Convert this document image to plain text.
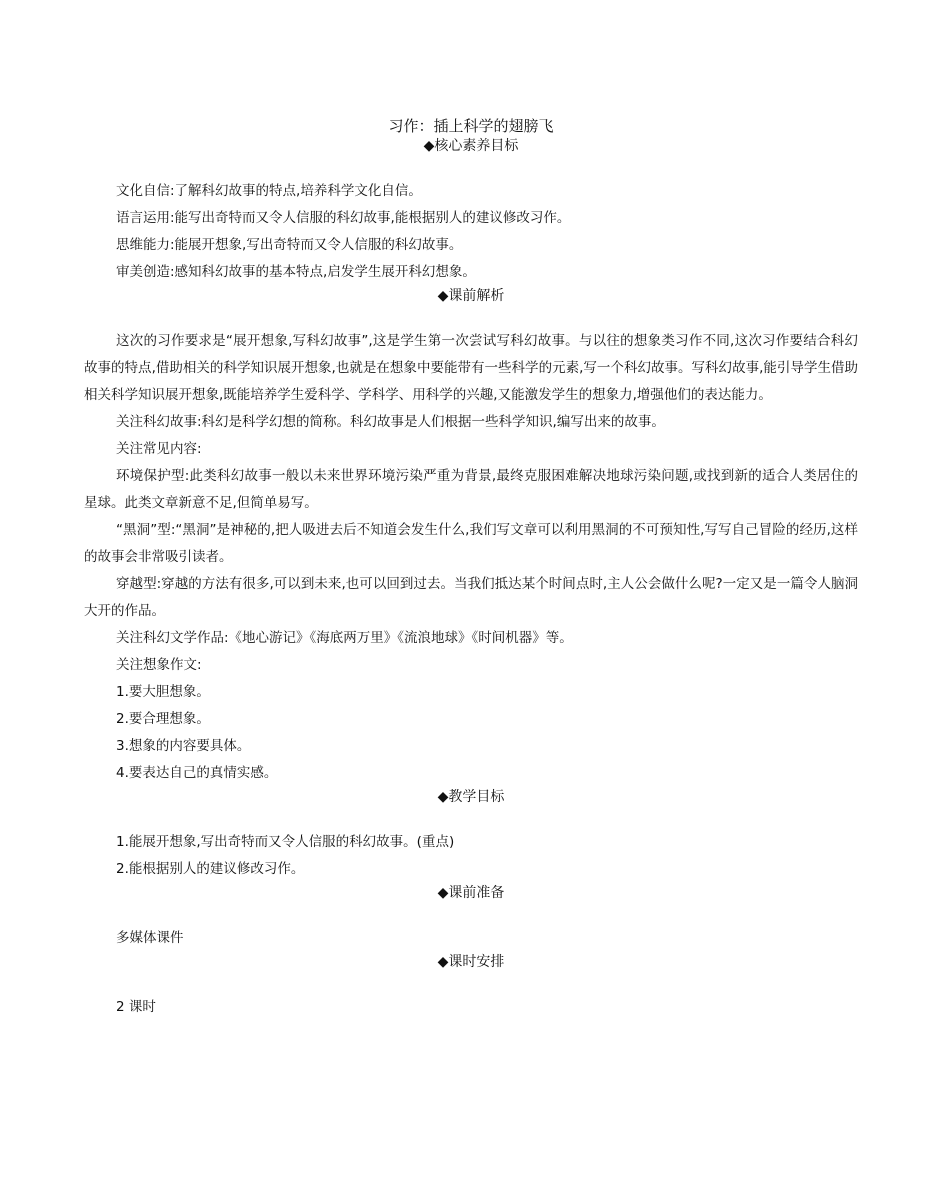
习作：插上科学的翅膀飞
◆核心素养目标

文化自信:了解科幻故事的特点,培养科学文化自信。

语言运用:能写出奇特而又令人信服的科幻故事,能根据别人的建议修改习作。

思维能力:能展开想象,写出奇特而又令人信服的科幻故事。

审美创造:感知科幻故事的基本特点,启发学生展开科幻想象。

◆课前解析

这次的习作要求是“展开想象,写科幻故事”,这是学生第一次尝试写科幻故事。与以往的想象类习作不同,这次习作要结合科幻故事的特点,借助相关的科学知识展开想象,也就是在想象中要能带有一些科学的元素,写一个科幻故事。写科幻故事,能引导学生借助相关科学知识展开想象,既能培养学生爱科学、学科学、用科学的兴趣,又能激发学生的想象力,增强他们的表达能力。

关注科幻故事:科幻是科学幻想的简称。科幻故事是人们根据一些科学知识,编写出来的故事。

关注常见内容:

环境保护型:此类科幻故事一般以未来世界环境污染严重为背景,最终克服困难解决地球污染问题,或找到新的适合人类居住的星球。此类文章新意不足,但简单易写。

“黑洞”型:“黑洞”是神秘的,把人吸进去后不知道会发生什么,我们写文章可以利用黑洞的不可预知性,写写自己冒险的经历,这样的故事会非常吸引读者。

穿越型:穿越的方法有很多,可以到未来,也可以回到过去。当我们抵达某个时间点时,主人公会做什么呢?一定又是一篇令人脑洞大开的作品。

关注科幻文学作品:《地心游记》《海底两万里》《流浪地球》《时间机器》等。

关注想象作文:

1.要大胆想象。

2.要合理想象。

3.想象的内容要具体。

4.要表达自己的真情实感。

◆教学目标

1.能展开想象,写出奇特而又令人信服的科幻故事。(重点)

2.能根据别人的建议修改习作。

◆课前准备

多媒体课件

◆课时安排

2 课时
